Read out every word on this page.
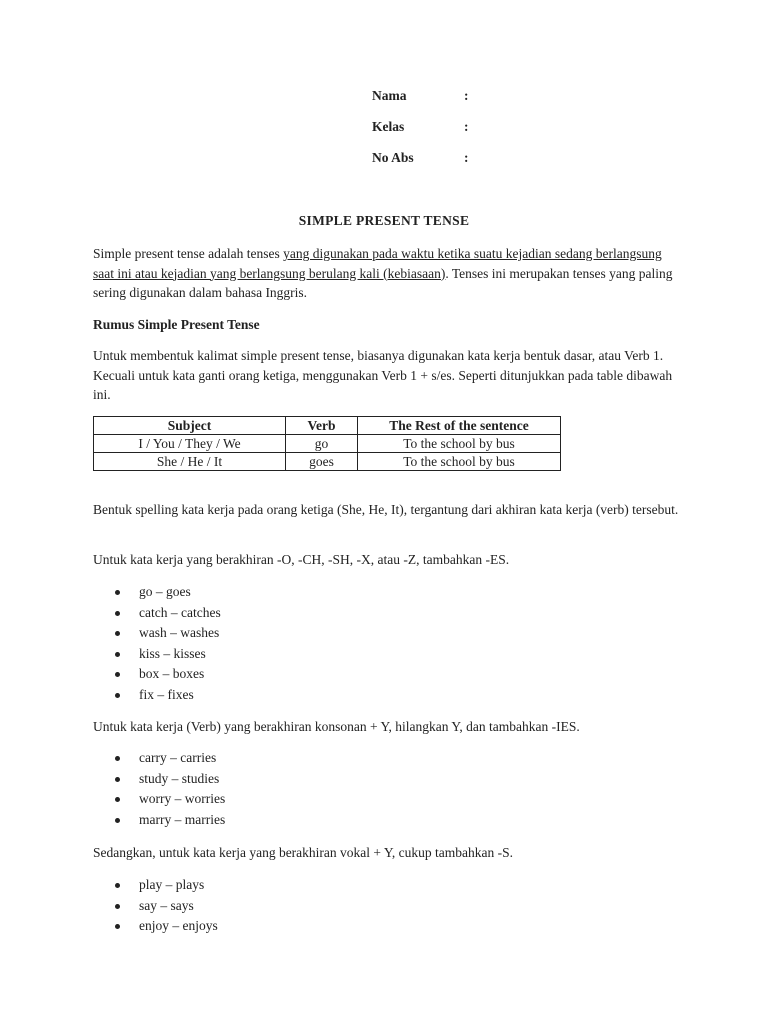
Nama	:
Kelas	:
No Abs	:
SIMPLE PRESENT TENSE
Simple present tense adalah tenses yang digunakan pada waktu ketika suatu kejadian sedang berlangsung saat ini atau kejadian yang berlangsung berulang kali (kebiasaan). Tenses ini merupakan tenses yang paling sering digunakan dalam bahasa Inggris.
Rumus Simple Present Tense
Untuk membentuk kalimat simple present tense, biasanya digunakan kata kerja bentuk dasar, atau Verb 1. Kecuali untuk kata ganti orang ketiga, menggunakan Verb 1 + s/es. Seperti ditunjukkan pada table dibawah ini.
Subject	Verb	The Rest of the sentence
I / You / They / We	go	To the school by bus
She / He / It	goes	To the school by bus
Bentuk spelling kata kerja pada orang ketiga (She, He, It), tergantung dari akhiran kata kerja (verb) tersebut.
Untuk kata kerja yang berakhiran -O, -CH, -SH, -X, atau -Z, tambahkan -ES.
go – goes
catch – catches
wash – washes
kiss – kisses
box – boxes
fix – fixes
Untuk kata kerja (Verb) yang berakhiran konsonan + Y, hilangkan Y, dan tambahkan -IES.
carry – carries
study – studies
worry – worries
marry – marries
Sedangkan, untuk kata kerja yang berakhiran vokal + Y, cukup tambahkan -S.
play – plays
say – says
enjoy – enjoys
